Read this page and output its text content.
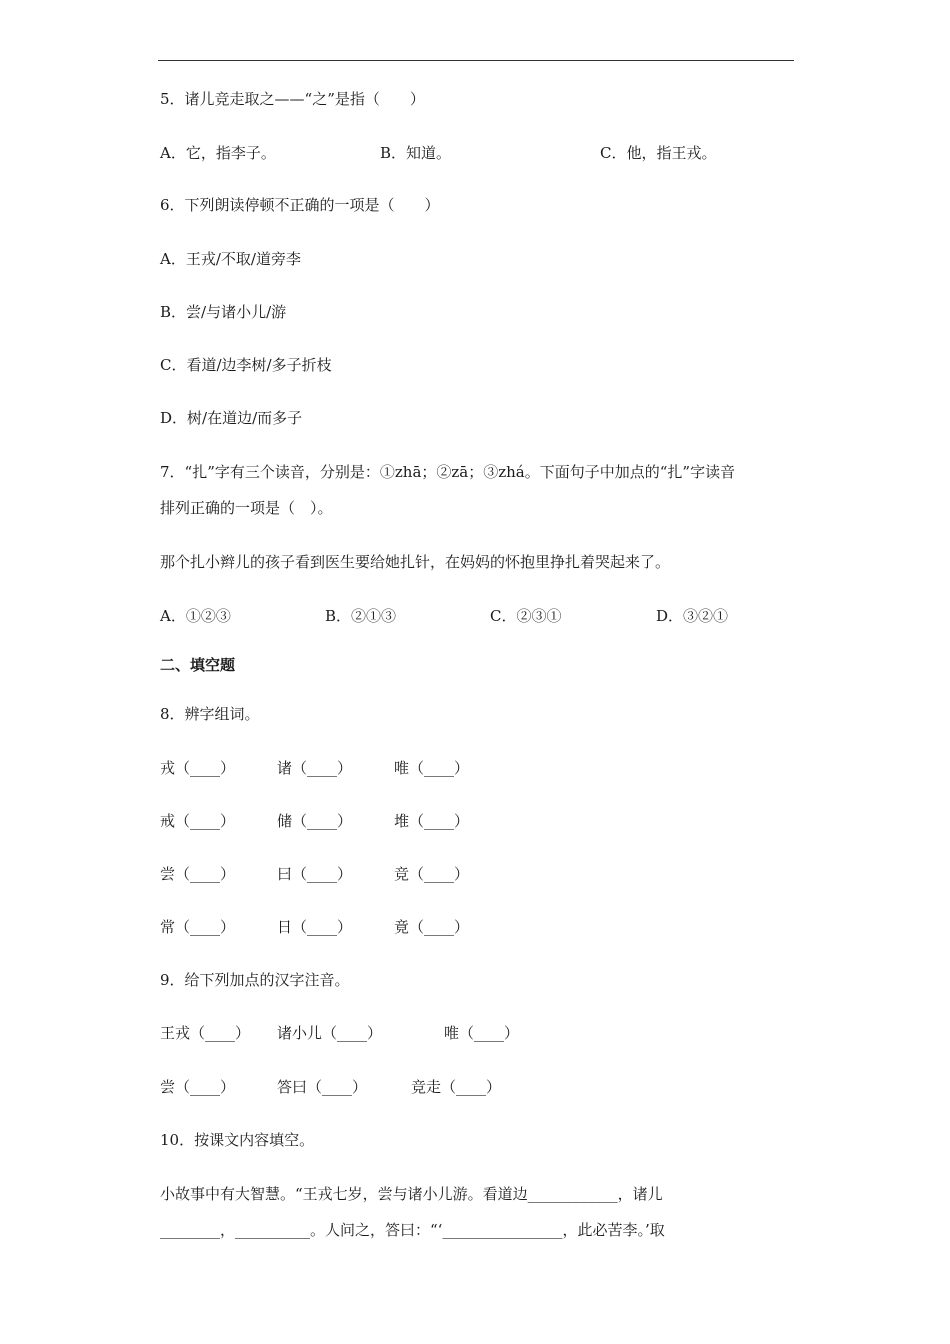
5．诸儿竞走取之——“之”是指（　　）
A．它，指李子。	B．知道。	C．他，指王戎。
6．下列朗读停顿不正确的一项是（　　）
A．王戎/不取/道旁李
B．尝/与诸小儿/游
C．看道/边李树/多子折枝
D．树/在道边/而多子
7．“扎”字有三个读音，分别是：①zhā；②zā；③zhá。下面句子中加点的“扎”字读音
排列正确的一项是（　）。
那个扎小辫儿的孩子看到医生要给她扎针，在妈妈的怀抱里挣扎着哭起来了。
A．①②③	B．②①③	C．②③①	D．③②①
二、填空题
8．辨字组词。
戎（____）	诸（____）	唯（____）
戒（____）	储（____）	堆（____）
尝（____）	曰（____）	竞（____）
常（____）	日（____）	竟（____）
9．给下列加点的汉字注音。
王戎（____） 诸小儿（____）	唯（____）
尝（____）	答曰（____）	竞走（____）
10．按课文内容填空。
小故事中有大智慧。“王戎七岁，尝与诸小儿游。看道边____________，诸儿
________，__________。人问之，答曰：“‘________________，此必苦李。’取
